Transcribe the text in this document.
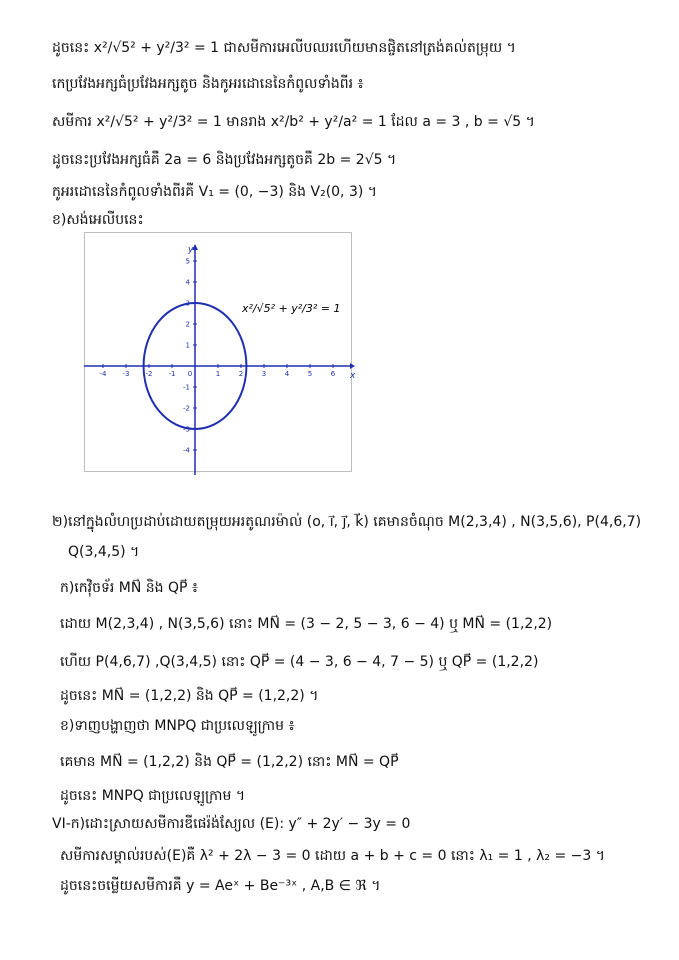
ដូចនេះ x²/√5² + y²/3² = 1 ជាសមីការអេលីបឈរហើយមានផ្ចិតនៅត្រង់គល់តម្រុយ ។
កេប្រវែងអក្សធំប្រវែងអក្សតូច និងកូអរដោនេនៃកំពូលទាំងពីរ ៖
សមីការ x²/√5² + y²/3² = 1 មានរាង x²/b² + y²/a² = 1 ដែល a = 3 , b = √5 ។
ដូចនេះប្រវែងអក្សធំគឺ 2a = 6 និងប្រវែងអក្សតូចគឺ 2b = 2√5 ។
កូអរដោនេនៃកំពូលទាំងពីរគឺ V₁ = (0, −3) និង V₂(0, 3) ។
ខ)សង់អេលីបនេះ
-4 -3 -2 -1	1	2	3	4	5	6
0
5
4
3
2
1
-1
-2
-3
-4
x²/√5² + y²/3² = 1
x
y
២)នៅក្នុងលំហប្រដាប់ដោយតម្រុយអរតូណរម៉ាល់ (o, i⃗, j⃗, k⃗) គេមានចំណុច M(2,3,4) , N(3,5,6), P(4,6,7)
Q(3,4,5) ។
ក)កេវ៉ិចទ័រ MN⃗ និង QP⃗ ៖
ដោយ M(2,3,4) , N(3,5,6) នោះ MN⃗ = (3 − 2, 5 − 3, 6 − 4) ឬ MN⃗ = (1,2,2)
ហើយ P(4,6,7) ,Q(3,4,5) នោះ QP⃗ = (4 − 3, 6 − 4, 7 − 5) ឬ QP⃗ = (1,2,2)
ដូចនេះ MN⃗ = (1,2,2) និង QP⃗ = (1,2,2) ។
ខ)ទាញបង្ហាញថា MNPQ ជាប្រលេឡូក្រាម ៖
គេមាន MN⃗ = (1,2,2) និង QP⃗ = (1,2,2) នោះ MN⃗ = QP⃗
ដូចនេះ MNPQ ជាប្រលេឡូក្រាម ។
VI-ក)ដោះស្រាយសមីការឌីផេរ៉ង់ស្យែល (E): y″ + 2y′ − 3y = 0
សមីការសម្គាល់របស់(E)គឺ λ² + 2λ − 3 = 0 ដោយ a + b + c = 0 នោះ λ₁ = 1 , λ₂ = −3 ។
ដូចនេះចម្លើយសមីការគឺ y = Aeˣ + Be⁻³ˣ , A,B ∈ ℜ ។
